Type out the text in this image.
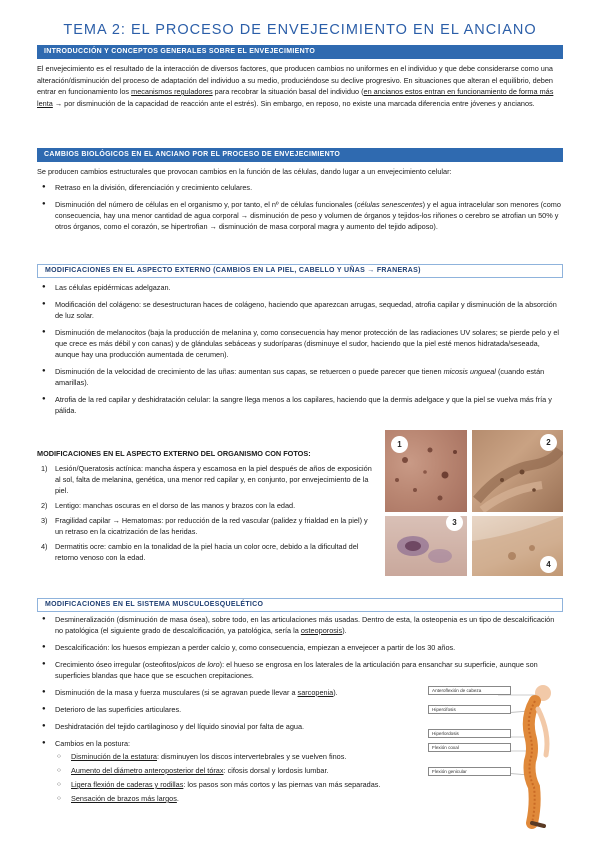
TEMA 2: EL PROCESO DE ENVEJECIMIENTO EN EL ANCIANO
INTRODUCCIÓN Y CONCEPTOS GENERALES SOBRE EL ENVEJECIMIENTO

El envejecimiento es el resultado de la interacción de diversos factores, que producen cambios no uniformes en el individuo y que debe considerarse como una alteración/disminución del proceso de adaptación del individuo a su medio, produciéndose su declive progresivo. En situaciones que alteran el equilibrio, deben entrar en funcionamiento los mecanismos reguladores para recobrar la situación basal del individuo (en ancianos estos entran en funcionamiento de forma más lenta → por disminución de la capacidad de reacción ante el estrés). Sin embargo, en reposo, no existe una marcada diferencia entre jóvenes y ancianos.

CAMBIOS BIOLÓGICOS EN EL ANCIANO POR EL PROCESO DE ENVEJECIMIENTO

Se producen cambios estructurales que provocan cambios en la función de las células, dando lugar a un envejecimiento celular:

● Retraso en la división, diferenciación y crecimiento celulares.
● Disminución del número de células en el organismo y, por tanto, el nº de células funcionales (células senescentes) y el agua intracelular son menores (como consecuencia, hay una menor cantidad de agua corporal → disminución de peso y volumen de órganos y tejidos-los riñones o cerebro se atrofian un 50% y otros órganos, como el corazón, se hipertrofian → disminución de masa corporal magra y aumento del tejido adiposo).
MODIFICACIONES EN EL ASPECTO EXTERNO (CAMBIOS EN LA PIEL, CABELLO Y UÑAS → FRANERAS)
● Las células epidérmicas adelgazan.
● Modificación del colágeno: se desestructuran haces de colágeno, haciendo que aparezcan arrugas, sequedad, atrofia capilar y disminución de la absorción de luz solar.
● Disminución de melanocitos (baja la producción de melanina y, como consecuencia hay menor protección de las radiaciones UV solares; se pierde pelo y el que crece es más débil y con canas) y de glándulas sebáceas y sudoríparas (disminuye el sudor, haciendo que la piel esté menos hidratada/seseada, aunque hay una producción aumentada de cerumen).
● Disminución de la velocidad de crecimiento de las uñas: aumentan sus capas, se retuercen o puede parecer que tienen micosis ungueal (cuando están amarillas).
● Atrofia de la red capilar y deshidratación celular: la sangre llega menos a los capilares, haciendo que la dermis adelgace y que la piel se vuelva más fría y pálida.
MODIFICACIONES EN EL ASPECTO EXTERNO DEL ORGANISMO CON FOTOS:
1) Lesión/Queratosis actínica: mancha áspera y escamosa en la piel después de años de exposición al sol, falta de melanina, genética, una menor red capilar y, en conjunto, por envejecimiento de la piel.
2) Lentigo: manchas oscuras en el dorso de las manos y brazos con la edad.
3) Fragilidad capilar → Hematomas: por reducción de la red vascular (palidez y frialdad en la piel) y un retraso en la cicatrización de las heridas.
4) Dermatitis ocre: cambio en la tonalidad de la piel hacia un color ocre, debido a la dificultad del retorno venoso con la edad.
1	2
3
4
MODIFICACIONES EN EL SISTEMA MUSCULOESQUELÉTICO
● Desmineralización (disminución de masa ósea), sobre todo, en las articulaciones más usadas. Dentro de esta, la osteopenia es un tipo de descalcificación no patológica (el siguiente grado de descalcificación, ya patológica, sería la osteoporosis).
● Descalcificación: los huesos empiezan a perder calcio y, como consecuencia, empiezan a envejecer a partir de los 30 años.
● Crecimiento óseo irregular (osteofitos/picos de loro): el hueso se engrosa en los laterales de la articulación para ensanchar su superficie, aunque son superficies blandas que hace que se escuchen crepitaciones.
● Disminución de la masa y fuerza musculares (si se agravan puede llevar a sarcopenia).
● Deterioro de las superficies articulares.
● Deshidratación del tejido cartilaginoso y del líquido sinovial por falta de agua.
● Cambios en la postura:
○ Disminución de la estatura: disminuyen los discos intervertebrales y se vuelven finos.
○ Aumento del diámetro anteroposterior del tórax: cifosis dorsal y lordosis lumbar.
○ Ligera flexión de caderas y rodillas: los pasos son más cortos y las piernas van más separadas.
○ Sensación de brazos más largos.
Anteroflexión de cabeza
Hipercifosis
Hiperlordosis
Flexión coxal
Flexión genicular
